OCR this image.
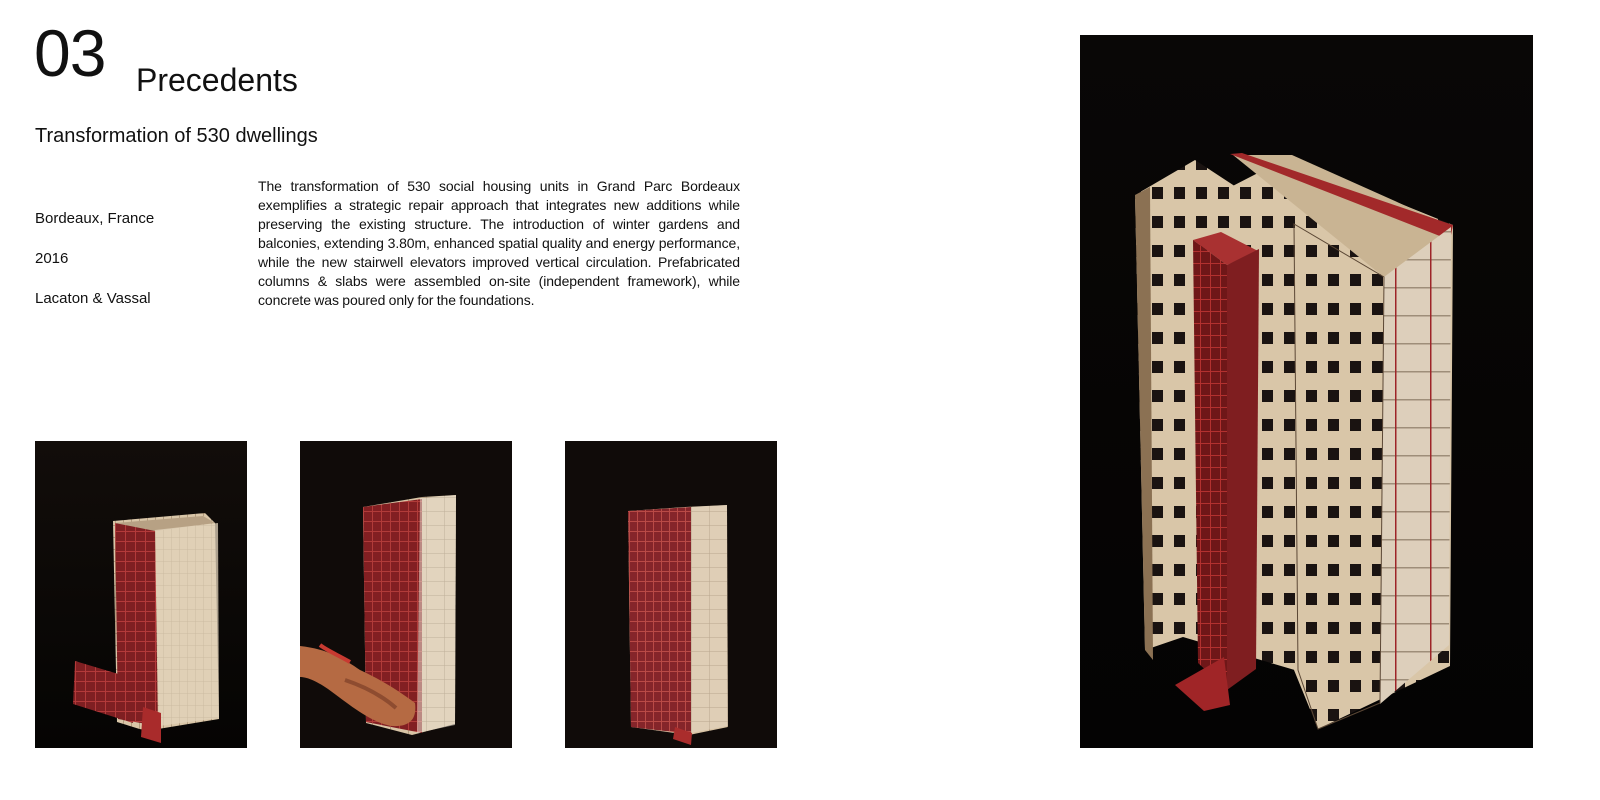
03 Precedents
Transformation of 530 dwellings
Bordeaux, France
2016
Lacaton & Vassal
The transformation of 530 social housing units in Grand Parc Bordeaux exemplifies a strategic repair approach that integrates new additions while preserving the existing structure. The introduction of winter gardens and balconies, extending 3.80m, enhanced spatial quality and energy performance, while the new stairwell elevators improved vertical circulation. Prefabricated columns & slabs were assembled on-site (independent framework), while concrete was poured only for the foundations.
